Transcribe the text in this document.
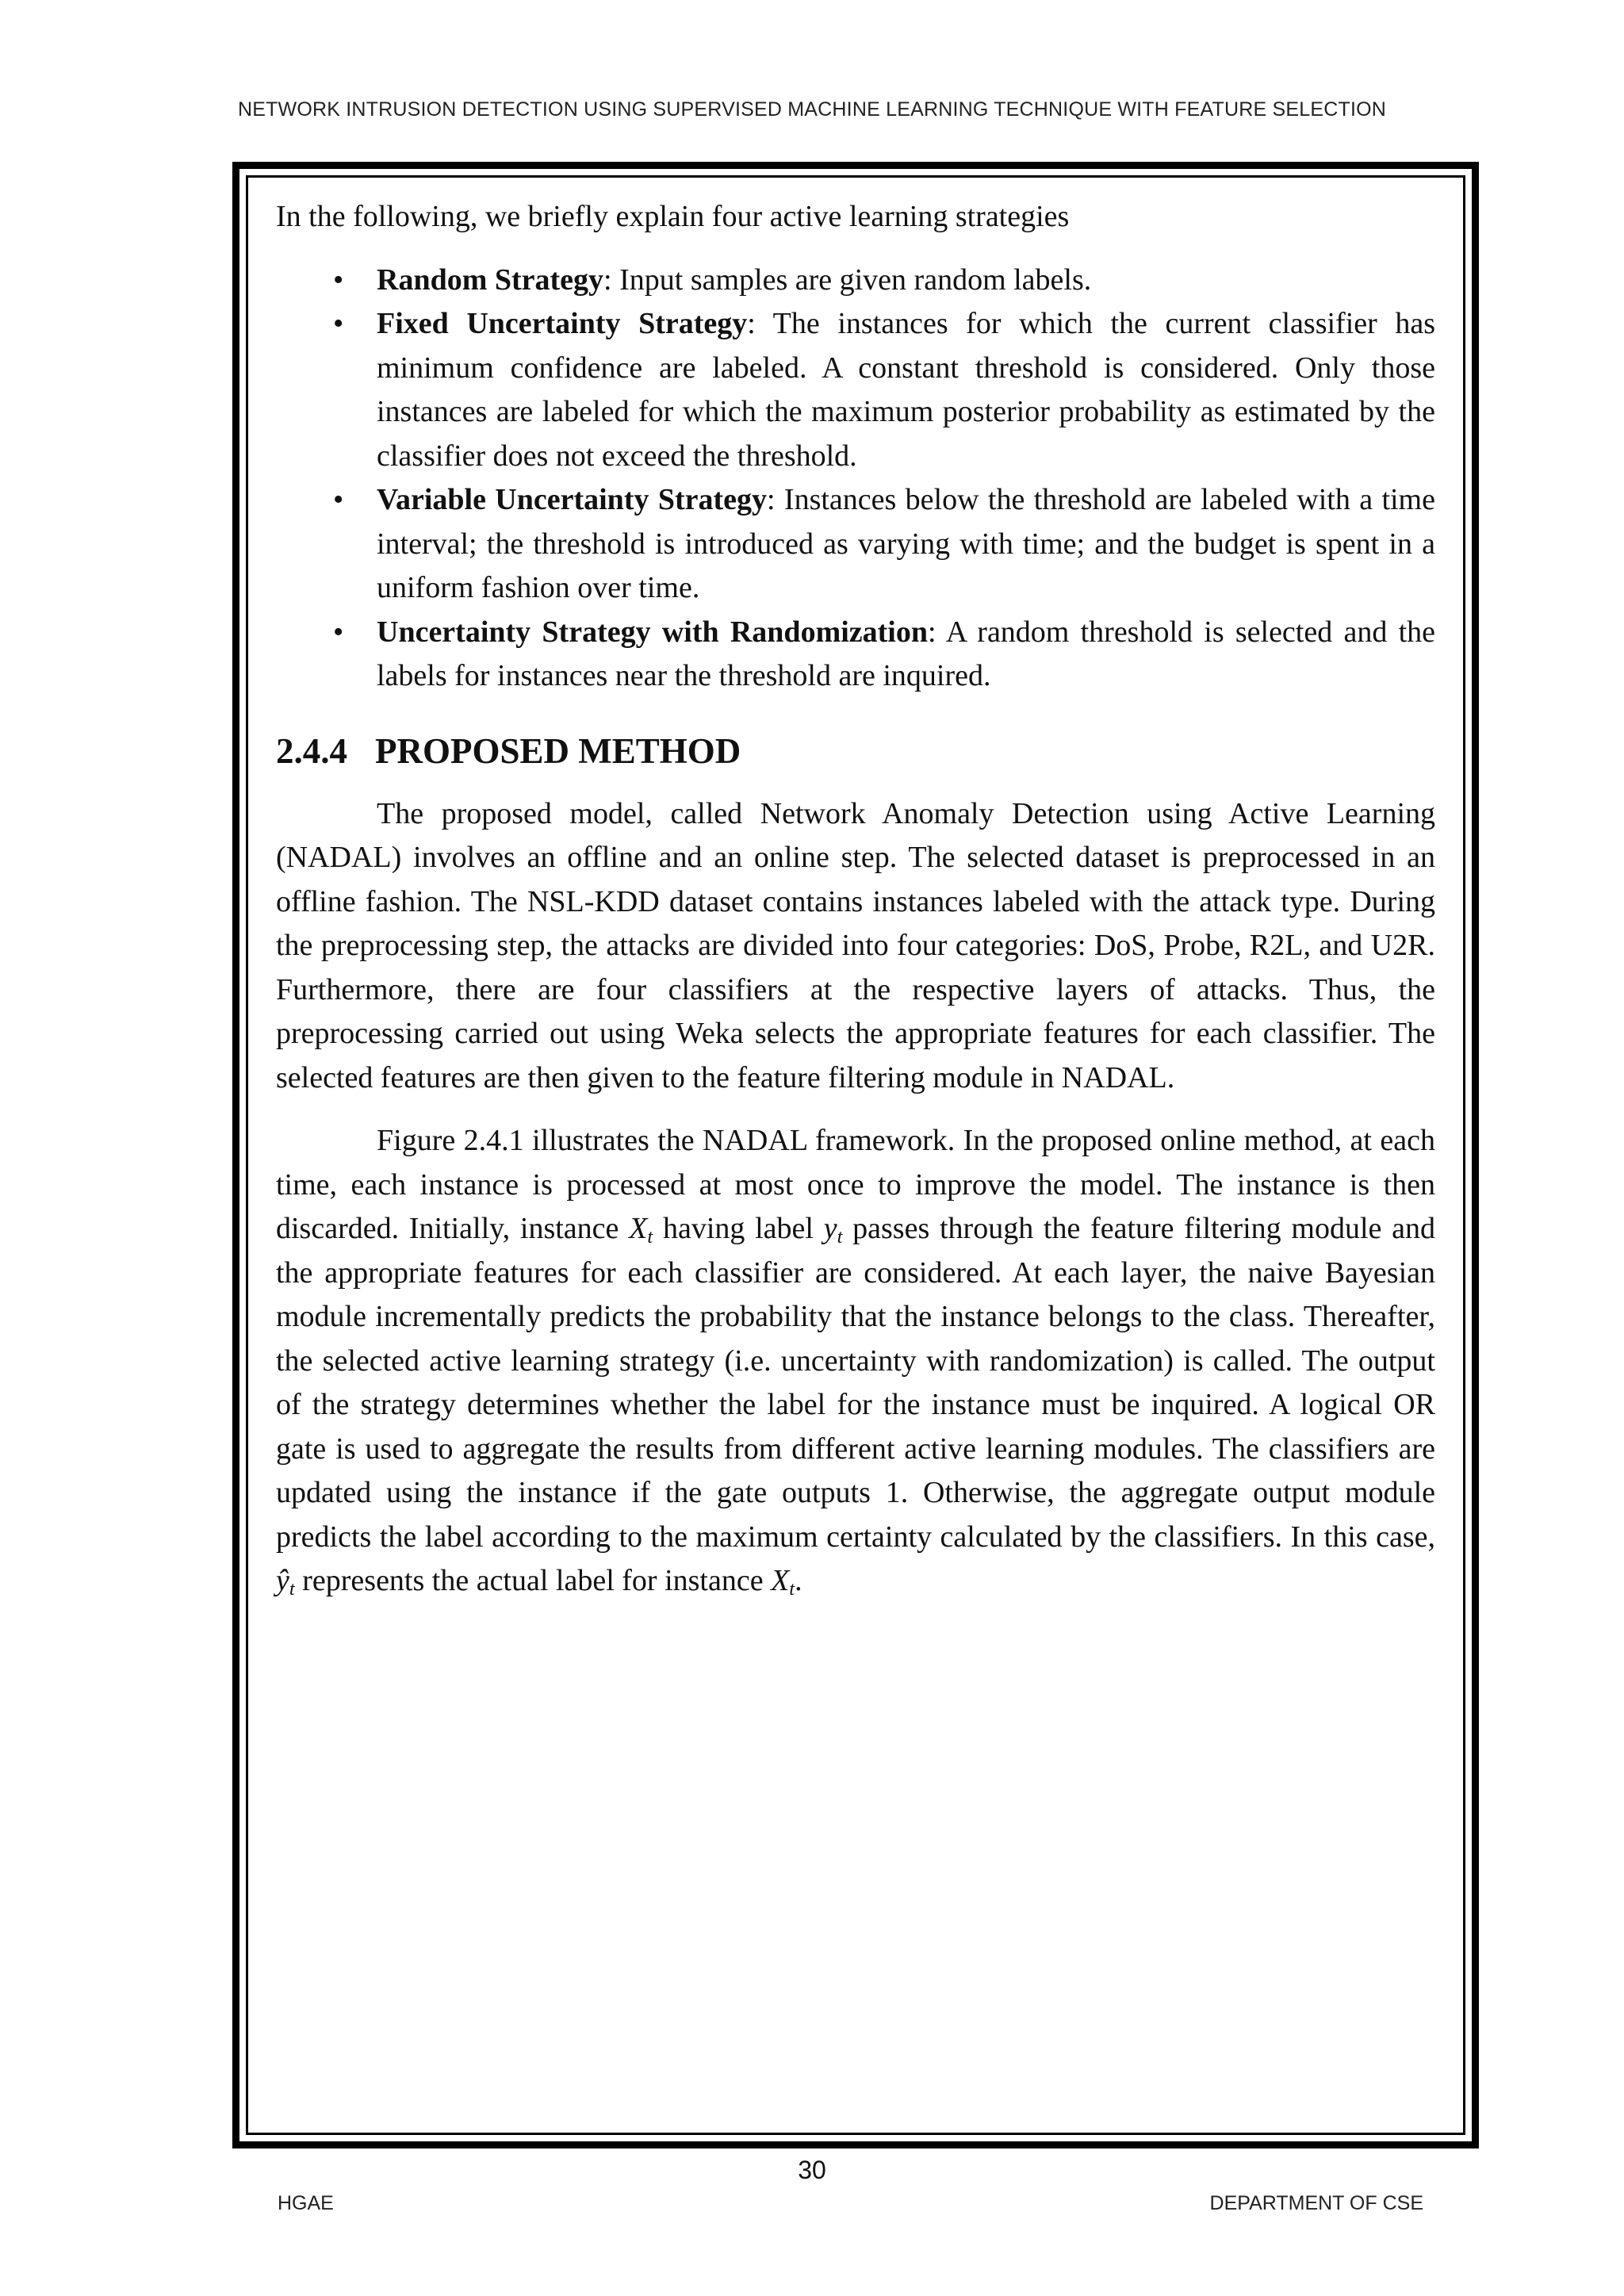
NETWORK INTRUSION DETECTION USING SUPERVISED MACHINE LEARNING TECHNIQUE WITH FEATURE SELECTION

In the following, we briefly explain four active learning strategies

• Random Strategy: Input samples are given random labels.
• Fixed Uncertainty Strategy: The instances for which the current classifier has minimum confidence are labeled. A constant threshold is considered. Only those instances are labeled for which the maximum posterior probability as estimated by the classifier does not exceed the threshold.
• Variable Uncertainty Strategy: Instances below the threshold are labeled with a time interval; the threshold is introduced as varying with time; and the budget is spent in a uniform fashion over time.
• Uncertainty Strategy with Randomization: A random threshold is selected and the labels for instances near the threshold are inquired.
2.4.4 PROPOSED METHOD

The proposed model, called Network Anomaly Detection using Active Learning (NADAL) involves an offline and an online step. The selected dataset is preprocessed in an offline fashion. The NSL-KDD dataset contains instances labeled with the attack type. During the preprocessing step, the attacks are divided into four categories: DoS, Probe, R2L, and U2R. Furthermore, there are four classifiers at the respective layers of attacks. Thus, the preprocessing carried out using Weka selects the appropriate features for each classifier. The selected features are then given to the feature filtering module in NADAL.

Figure 2.4.1 illustrates the NADAL framework. In the proposed online method, at each time, each instance is processed at most once to improve the model. The instance is then discarded. Initially, instance $X_t$ having label $y_t$ passes through the feature filtering module and the appropriate features for each classifier are considered. At each layer, the naive Bayesian module incrementally predicts the probability that the instance belongs to the class. Thereafter, the selected active learning strategy (i.e. uncertainty with randomization) is called. The output of the strategy determines whether the label for the instance must be inquired. A logical OR gate is used to aggregate the results from different active learning modules. The classifiers are updated using the instance if the gate outputs 1. Otherwise, the aggregate output module predicts the label according to the maximum certainty calculated by the classifiers. In this case, $ŷ_t$ represents the actual label for instance $X_t$.

30
HGAE	DEPARTMENT OF CSE
